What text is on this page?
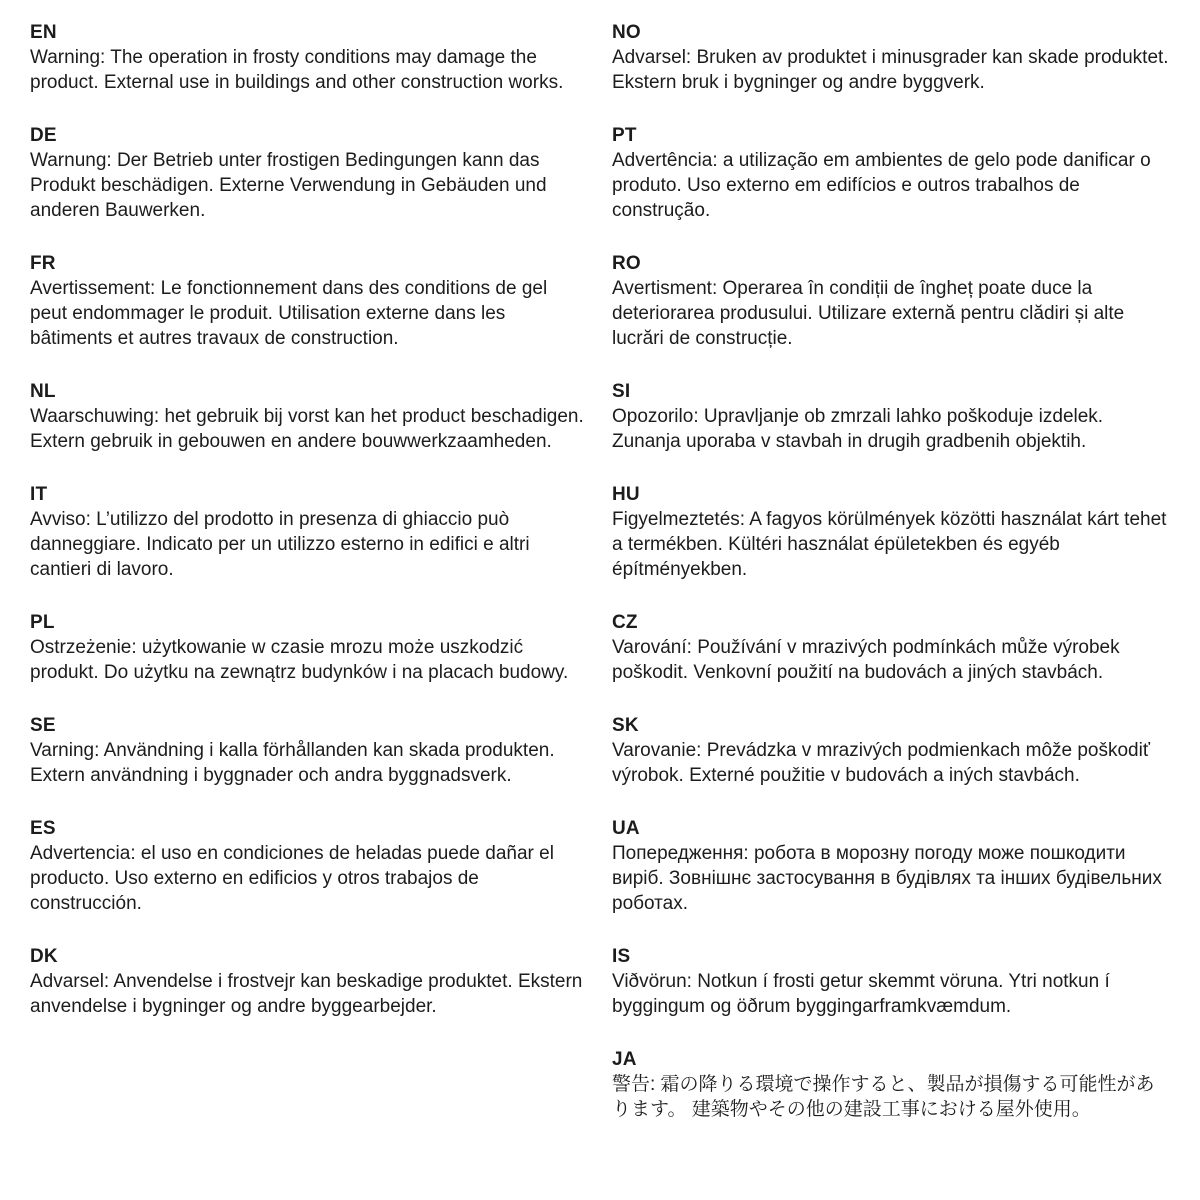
EN

Warning: The operation in frosty conditions may damage the product. External use in buildings and other construction works.

DE

Warnung: Der Betrieb unter frostigen Bedingungen kann das Produkt beschädigen. Externe Verwendung in Gebäuden und anderen Bauwerken.

FR

Avertissement: Le fonctionnement dans des conditions de gel peut endommager le produit. Utilisation externe dans les bâtiments et autres travaux de construction.

NL

Waarschuwing: het gebruik bij vorst kan het product beschadigen. Extern gebruik in gebouwen en andere bouwwerkzaamheden.

IT

Avviso: L’utilizzo del prodotto in presenza di ghiaccio può danneggiare. Indicato per un utilizzo esterno in edifici e altri cantieri di lavoro.

PL

Ostrzeżenie: użytkowanie w czasie mrozu może uszkodzić produkt. Do użytku na zewnątrz budynków i na placach budowy.

SE

Varning: Användning i kalla förhållanden kan skada produkten. Extern användning i byggnader och andra byggnadsverk.

ES

Advertencia: el uso en condiciones de heladas puede dañar el producto. Uso externo en edificios y otros trabajos de construcción.

DK

Advarsel: Anvendelse i frostvejr kan beskadige produktet. Ekstern anvendelse i bygninger og andre byggearbejder.

NO

Advarsel: Bruken av produktet i minusgrader kan skade produktet. Ekstern bruk i bygninger og andre byggverk.

PT

Advertência: a utilização em ambientes de gelo pode danificar o produto. Uso externo em edifícios e outros trabalhos de construção.

RO

Avertisment: Operarea în condiții de îngheț poate duce la deteriorarea produsului. Utilizare externă pentru clădiri și alte lucrări de construcție.

SI

Opozorilo: Upravljanje ob zmrzali lahko poškoduje izdelek. Zunanja uporaba v stavbah in drugih gradbenih objektih.

HU

Figyelmeztetés: A fagyos körülmények közötti használat kárt tehet a termékben. Kültéri használat épületekben és egyéb építményekben.

CZ

Varování: Používání v mrazivých podmínkách může výrobek poškodit. Venkovní použití na budovách a jiných stavbách.

SK

Varovanie: Prevádzka v mrazivých podmienkach môže poškodiť výrobok. Externé použitie v budovách a iných stavbách.

UA

Попередження: робота в морозну погоду може пошкодити виріб. Зовнішнє застосування в будівлях та інших будівельних роботах.

IS

Viðvörun: Notkun í frosti getur skemmt vöruna. Ytri notkun í byggingum og öðrum byggingarframkvæmdum.

JA

警告: 霜の降りる環境で操作すると、製品が損傷する可能性があります。 建築物やその他の建設工事における屋外使用。
